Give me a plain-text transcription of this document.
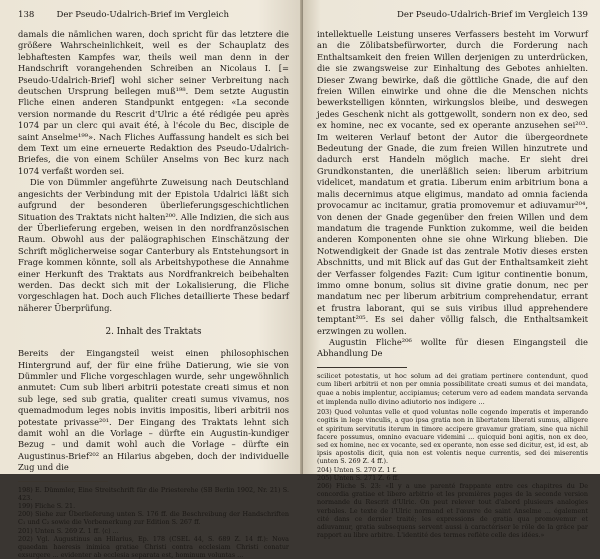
138	Der Pseudo-Udalrich-Brief im Vergleich

damals die nämlichen waren, doch spricht für das letztere die größere Wahrscheinlichkeit, weil es der Schauplatz des lebhaftesten Kampfes war, theils weil man denn in der Handschrift vorangehenden Schreiben an Nicolaus I. [= Pseudo-Udalrich-Brief] wohl sicher seiner Verbreitung nach deutschen Ursprung beilegen muß¹⁹⁸. Dem setzte Augustin Fliche einen anderen Standpunkt entgegen: «La seconde version normande du Rescrit d'Ulric a été rédigée peu après 1074 par un clerc qui avait été, à l'école du Bec, disciple de saint Anselme¹⁹⁹». Nach Fliches Auffassung handelt es sich bei dem Text um eine erneuerte Redaktion des Pseudo-Udalrich-Briefes, die von einem Schüler Anselms von Bec kurz nach 1074 verfaßt worden sei.

Die von Dümmler angeführte Zuweisung nach Deutschland angesichts der Verbindung mit der Epistola Udalrici läßt sich aufgrund der besonderen überlieferungsgeschichtlichen Situation des Traktats nicht halten²⁰⁰. Alle Indizien, die sich aus der Überlieferung ergeben, weisen in den nordfranzösischen Raum. Obwohl aus der paläographischen Einschätzung der Schrift möglicherweise sogar Canterbury als Entstehungsort in Frage kommen könnte, soll als Arbeitshypothese die Annahme einer Herkunft des Traktats aus Nordfrankreich beibehalten werden. Das deckt sich mit der Lokalisierung, die Fliche vorgeschlagen hat. Doch auch Fliches detaillierte These bedarf näherer Überprüfung.

2. Inhalt des Traktats

Bereits der Eingangsteil weist einen philosophischen Hintergrund auf, der für eine frühe Datierung, wie sie von Dümmler und Fliche vorgeschlagen wurde, sehr ungewöhnlich anmutet: Cum sub liberi arbitrii potestate creati simus et non sub lege, sed sub gratia, qualiter creati sumus vivamus, nos quemadmodum leges nobis invitis impositis, liberi arbitrii nos potestate privasse²⁰¹. Der Eingang des Traktats lehnt sich damit wohl an die Vorlage – dürfte ein Augustin-kundiger Bezug – und damit wohl auch die Vorlage – dürfte ein Augustinus-Brief²⁰² an Hilarius abgeben, doch der individuelle Zug und die

198) E. Dümmler, Eine Streitschrift für die Priesterehe (SB Berlin 1902, Nr. 21) S. 423.

199) Fliche S. 21.

200) Siehe zur Überlieferung unten S. 176 ff. die Beschreibung der Handschriften C₁ und C₂ sowie die Vorbemerkung zur Edition S. 267 ff.

201) Unten S. 269 Z. 1 ff. ⟨c⟩ ...

202) Vgl. Augustinus an Hilarius, Ep. 178 (CSEL 44, S. 689 Z. 14 ff.): Nova quaedam haeresis inimica gratiae Christi contra ecclesiam Christi conatur exsurgere ... evidenter ab ecclesia separata est, hominum voluntas ...

Der Pseudo-Udalrich-Brief im Vergleich 139

intellektuelle Leistung unseres Verfassers besteht im Vorwurf an die Zölibatsbefürworter, durch die Forderung nach Enthaltsamkeit den freien Willen derjenigen zu unterdrücken, die sie zwangsweise zur Einhaltung des Gebotes anhielten. Dieser Zwang bewirke, daß die göttliche Gnade, die auf den freien Willen einwirke und ohne die die Menschen nichts bewerkstelligen könnten, wirkungslos bleibe, und deswegen jedes Geschenk nicht als gottgewollt, sondern non ex deo, sed ex homine, nec ex vocante, sed ex operante anzusehen sei²⁰³. Im weiteren Verlauf betont der Autor die übergeordnete Bedeutung der Gnade, die zum freien Willen hinzutrete und dadurch erst Handeln möglich mache. Er sieht drei Grundkonstanten, die unerläßlich seien: liberum arbitrium videlicet, mandatum et gratia. Liberum enim arbitrium bona a malis decernimus atque eligimus, mandato ad omnia facienda provocamur ac incitamur, gratia promovemur et adiuvamur²⁰⁴, von denen der Gnade gegenüber den freien Willen und dem mandatum die tragende Funktion zukomme, weil die beiden anderen Komponenten ohne sie ohne Wirkung blieben. Die Notwendigkeit der Gnade ist das zentrale Motiv dieses ersten Abschnitts, und mit Blick auf das Gut der Enthaltsamkeit zieht der Verfasser folgendes Fazit: Cum igitur continentie bonum, immo omne bonum, solius sit divine gratie donum, nec per mandatum nec per liberum arbitrium comprehendatur, errant et frustra laborant, qui se suis viribus illud apprehendere temptant²⁰⁵. Es sei daher völlig falsch, die Enthaltsamkeit erzwingen zu wollen.

Augustin Fliche²⁰⁶ wollte für diesen Eingangsteil die Abhandlung De

scilicet potestatis, ut hoc solum ad dei gratiam pertinere contendunt, quod cum liberi arbitrii et non per omnia possibilitate creati sumus et dei mandata, quae a nobis implentur, accipiamus; ceterum vero ad eadem mandata servanda et implenda nullo divino adiutorio nos indigere ...

203) Quod voluntas velle et quod voluntas nolle cogendo imperatis et imperando cogitis in lege vinculis, a quo ipsa gratia non in libertatem liberati sumus, alligere et spiritum servitutis iterum in timore accipere gravamur gratiam, sine qua nichil facere possumus, omnino evacuare videmini ... quicquid boni agitis, non ex deo, sed ex homine, nec ex vocante, sed ex operante, non esse sed dicitur, est, id est, ab ipsis apostolis dicit, quia non est volentis neque currentis, sed dei miserentis (unten S. 269 Z. 4 ff.).

204) Unten S. 270 Z. 1 f.

205) Unten S. 271 Z. 6 ff.

206) Fliche S. 23: «Il y a une parenté frappante entre ces chapitres du De concordia gratiae et libero arbitrio et les premières pages de la seconde version normande du Rescrit d'Ulric. On peut relever tout d'abord plusieurs analogies verbales. Le texte de l'Ulric normand et l'œuvre de saint Anselme ... également cité dans ce dernier traité; les expressions de gratia qua promovemur et adiuvamur, gratia subsequens servent aussi à caractériser le rôle de la grâce par rapport au libre arbitre. L'identité des termes reflète celle des idées.»
